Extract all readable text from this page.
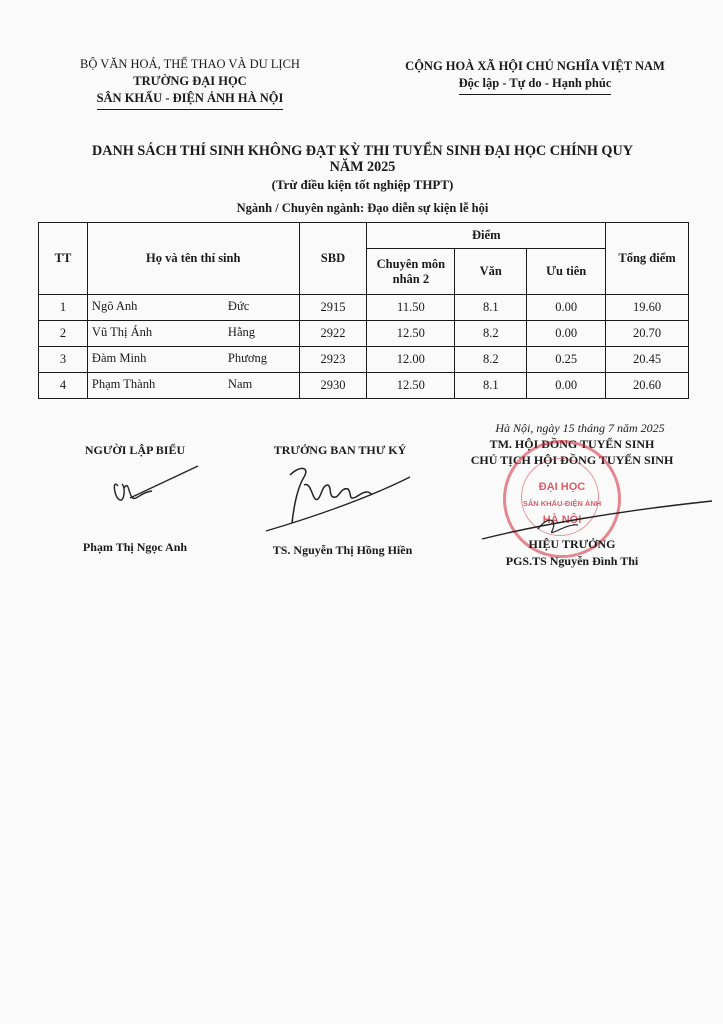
BỘ VĂN HOÁ, THỂ THAO VÀ DU LỊCH
TRƯỜNG ĐẠI HỌC
SÂN KHẤU - ĐIỆN ẢNH HÀ NỘI
CỘNG HOÀ XÃ HỘI CHỦ NGHĨA VIỆT NAM
Độc lập - Tự do - Hạnh phúc
DANH SÁCH THÍ SINH KHÔNG ĐẠT KỲ THI TUYỂN SINH ĐẠI HỌC CHÍNH QUY
NĂM 2025
(Trừ điều kiện tốt nghiệp THPT)
Ngành / Chuyên ngành: Đạo diễn sự kiện lễ hội
TT	Họ và tên thí sinh	SBD	Điểm			Tổng điểm
			Chuyên môn nhân 2	Văn	Ưu tiên	
1	Ngô Anh Đức	2915	11.50	8.1	0.00	19.60
2	Vũ Thị Ánh Hằng	2922	12.50	8.2	0.00	20.70
3	Đàm Minh Phương	2923	12.00	8.2	0.25	20.45
4	Phạm Thành Nam	2930	12.50	8.1	0.00	20.60
Hà Nội, ngày 15 tháng 7 năm 2025
NGƯỜI LẬP BIỂU
Phạm Thị Ngọc Anh
TRƯỞNG BAN THƯ KÝ
TS. Nguyễn Thị Hồng Hiền
TM. HỘI ĐỒNG TUYỂN SINH
CHỦ TỊCH HỘI ĐỒNG TUYỂN SINH
ĐẠI HỌC
SÂN KHẤU-ĐIỆN ẢNH
HÀ NỘI
HIỆU TRƯỞNG
PGS.TS Nguyễn Đình Thi
